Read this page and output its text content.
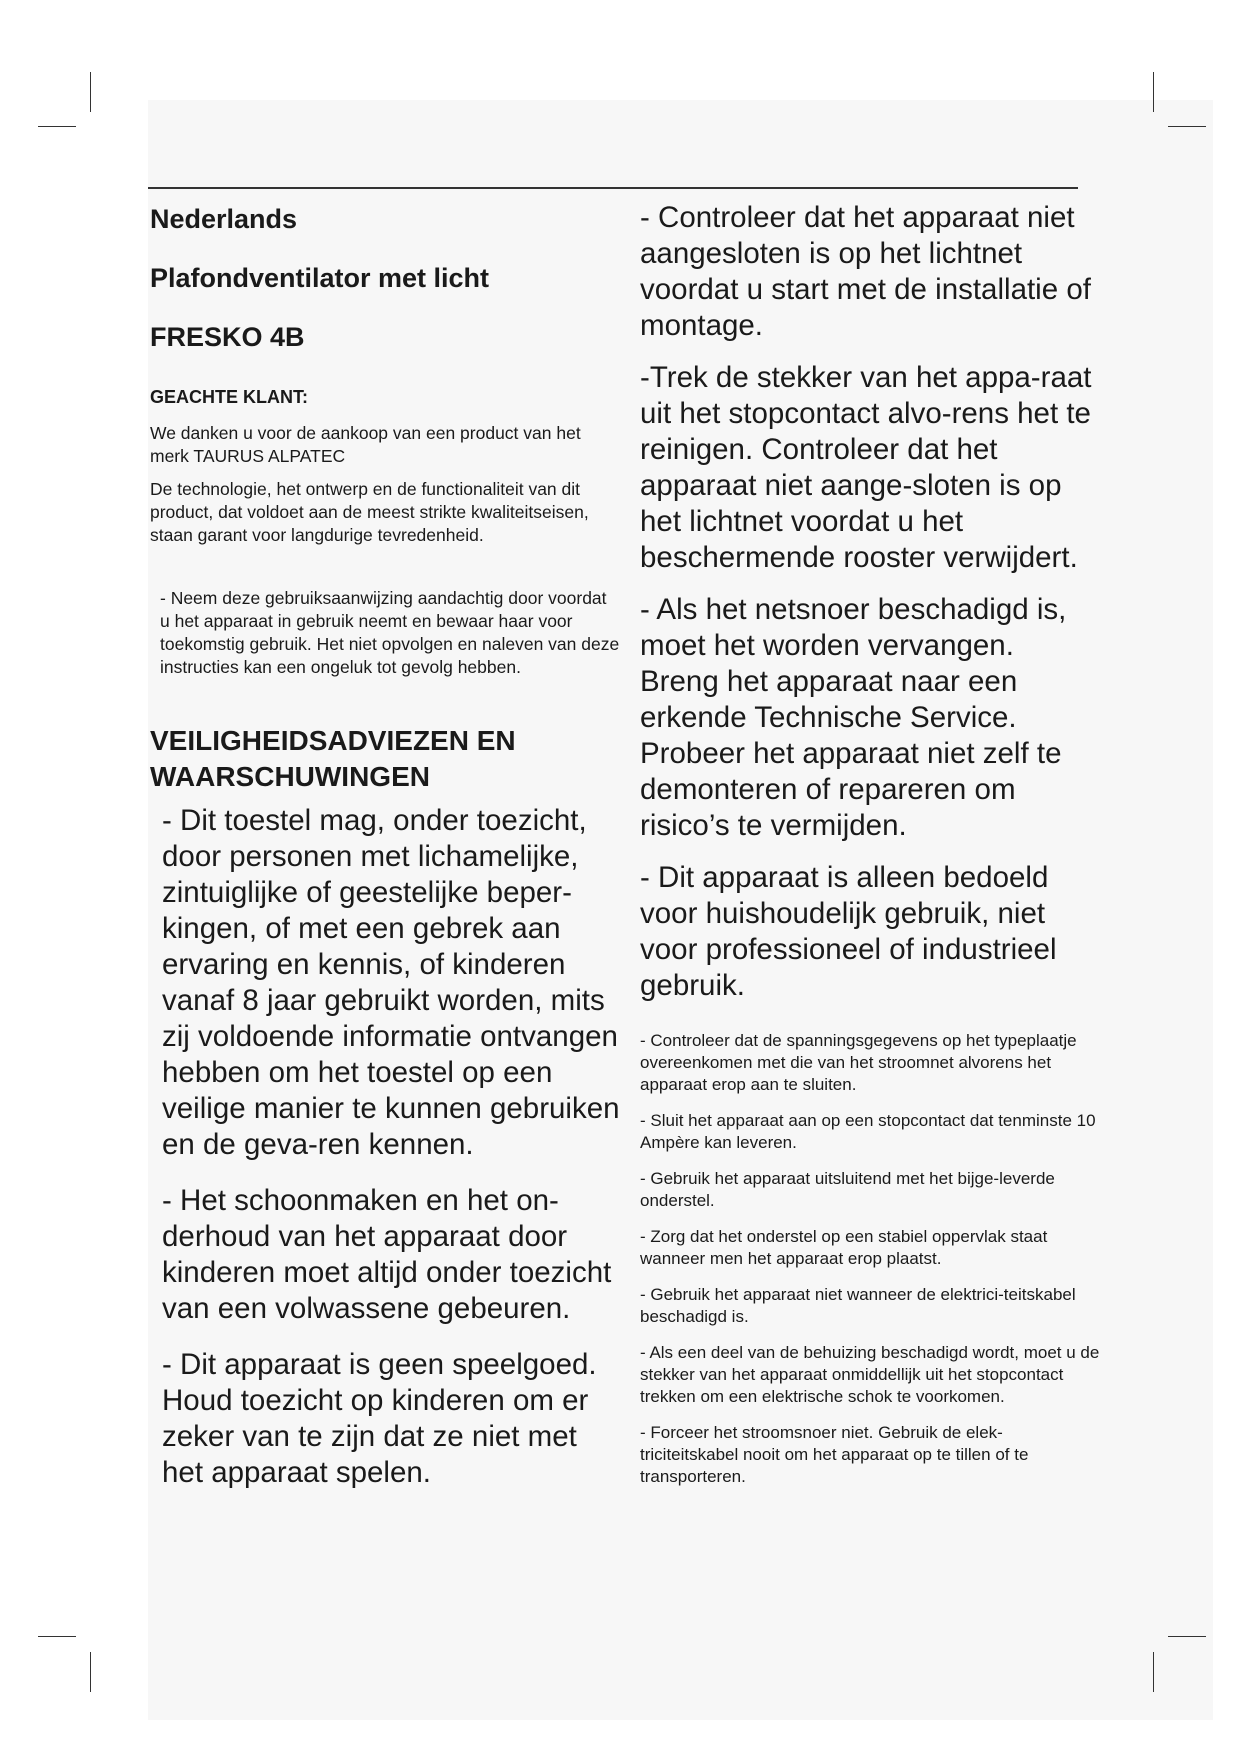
Nederlands
Plafondventilator met licht
FRESKO 4B
GEACHTE KLANT:

We danken u voor de aankoop van een product van het merk TAURUS ALPATEC

De technologie, het ontwerp en de functionaliteit van dit product, dat voldoet aan de meest strikte kwaliteitseisen, staan garant voor langdurige tevredenheid.

- Neem deze gebruiksaanwijzing aandachtig door voordat u het apparaat in gebruik neemt en bewaar haar voor toekomstig gebruik. Het niet opvolgen en naleven van deze instructies kan een ongeluk tot gevolg hebben.

VEILIGHEIDSADVIEZEN EN WAARSCHUWINGEN

- Dit toestel mag, onder toezicht, door personen met lichamelijke, zintuiglijke of geestelijke beper-kingen, of met een gebrek aan ervaring en kennis, of kinderen vanaf 8 jaar gebruikt worden, mits zij voldoende informatie ontvangen hebben om het toestel op een veilige manier te kunnen gebruiken en de geva-ren kennen.

- Het schoonmaken en het on-derhoud van het apparaat door kinderen moet altijd onder toezicht van een volwassene gebeuren.

- Dit apparaat is geen speelgoed. Houd toezicht op kinderen om er zeker van te zijn dat ze niet met het apparaat spelen.

- Controleer dat het apparaat niet aangesloten is op het lichtnet voordat u start met de installatie of montage.

-Trek de stekker van het appa-raat uit het stopcontact alvo-rens het te reinigen. Controleer dat het apparaat niet aange-sloten is op het lichtnet voordat u het beschermende rooster verwijdert.

- Als het netsnoer beschadigd is, moet het worden vervangen. Breng het apparaat naar een erkende Technische Service. Probeer het apparaat niet zelf te demonteren of repareren om risico’s te vermijden.

- Dit apparaat is alleen bedoeld voor huishoudelijk gebruik, niet voor professioneel of industrieel gebruik.

- Controleer dat de spanningsgegevens op het typeplaatje overeenkomen met die van het stroomnet alvorens het apparaat erop aan te sluiten.

- Sluit het apparaat aan op een stopcontact dat tenminste 10 Ampère kan leveren.

- Gebruik het apparaat uitsluitend met het bijge-leverde onderstel.

- Zorg dat het onderstel op een stabiel oppervlak staat wanneer men het apparaat erop plaatst.

- Gebruik het apparaat niet wanneer de elektrici-teitskabel beschadigd is.

- Als een deel van de behuizing beschadigd wordt, moet u de stekker van het apparaat onmiddellijk uit het stopcontact trekken om een elektrische schok te voorkomen.

- Forceer het stroomsnoer niet. Gebruik de elek-triciteitskabel nooit om het apparaat op te tillen of te transporteren.
